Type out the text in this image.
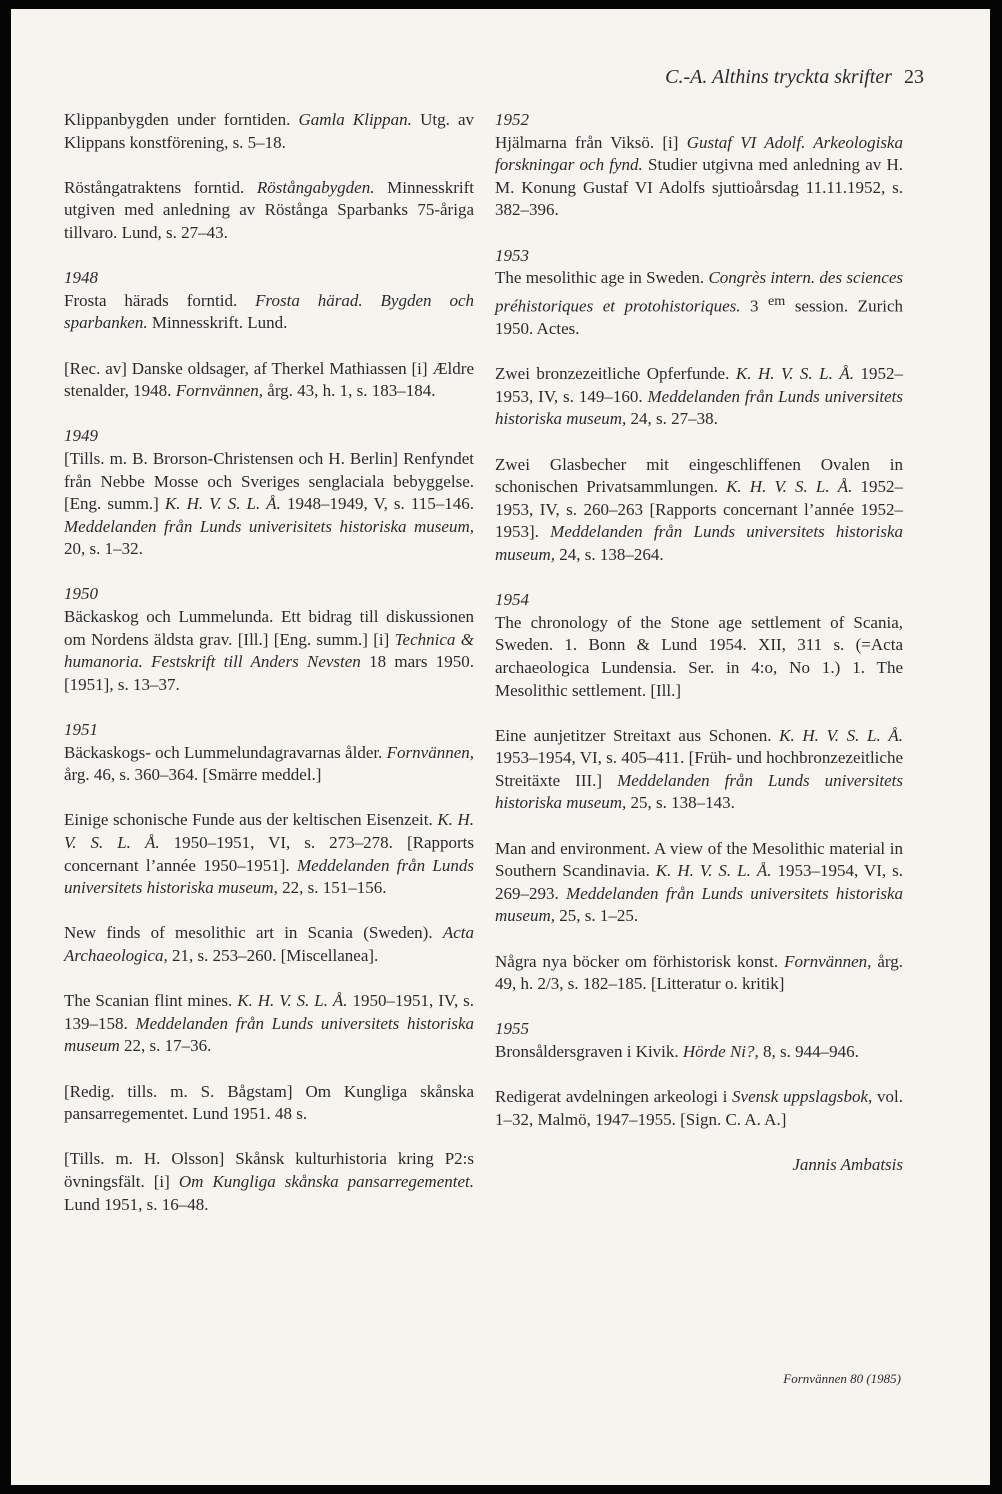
C.-A. Althins tryckta skrifter 23

Klippanbygden under forntiden. Gamla Klippan. Utg. av Klippans konstförening, s. 5–18.

Röstångatraktens forntid. Röstångabygden. Minnesskrift utgiven med anledning av Röstånga Sparbanks 75-åriga tillvaro. Lund, s. 27–43.

1948

Frosta härads forntid. Frosta härad. Bygden och sparbanken. Minnesskrift. Lund.

[Rec. av] Danske oldsager, af Therkel Mathiassen [i] Ældre stenalder, 1948. Fornvännen, årg. 43, h. 1, s. 183–184.

1949

[Tills. m. B. Brorson-Christensen och H. Berlin] Renfyndet från Nebbe Mosse och Sveriges senglaciala bebyggelse. [Eng. summ.] K. H. V. S. L. Å. 1948–1949, V, s. 115–146. Meddelanden från Lunds univerisitets historiska museum, 20, s. 1–32.

1950

Bäckaskog och Lummelunda. Ett bidrag till diskussionen om Nordens äldsta grav. [Ill.] [Eng. summ.] [i] Technica & humanoria. Festskrift till Anders Nevsten 18 mars 1950. [1951], s. 13–37.

1951

Bäckaskogs- och Lummelundagravarnas ålder. Fornvännen, årg. 46, s. 360–364. [Smärre meddel.]

Einige schonische Funde aus der keltischen Eisenzeit. K. H. V. S. L. Å. 1950–1951, VI, s. 273–278. [Rapports concernant l’année 1950–1951]. Meddelanden från Lunds universitets historiska museum, 22, s. 151–156.

New finds of mesolithic art in Scania (Sweden). Acta Archaeologica, 21, s. 253–260. [Miscellanea].

The Scanian flint mines. K. H. V. S. L. Å. 1950–1951, IV, s. 139–158. Meddelanden från Lunds universitets historiska museum 22, s. 17–36.

[Redig. tills. m. S. Bågstam] Om Kungliga skånska pansarregementet. Lund 1951. 48 s.

[Tills. m. H. Olsson] Skånsk kulturhistoria kring P2:s övningsfält. [i] Om Kungliga skånska pansarregementet. Lund 1951, s. 16–48.

1952

Hjälmarna från Viksö. [i] Gustaf VI Adolf. Arkeologiska forskningar och fynd. Studier utgivna med anledning av H. M. Konung Gustaf VI Adolfs sjuttioårsdag 11.11.1952, s. 382–396.

1953

The mesolithic age in Sweden. Congrès intern. des sciences préhistoriques et protohistoriques. 3 $^{em}$ session. Zurich 1950. Actes.

Zwei bronzezeitliche Opferfunde. K. H. V. S. L. Å. 1952–1953, IV, s. 149–160. Meddelanden från Lunds universitets historiska museum, 24, s. 27–38.

Zwei Glasbecher mit eingeschliffenen Ovalen in schonischen Privatsammlungen. K. H. V. S. L. Å. 1952–1953, IV, s. 260–263 [Rapports concernant l’année 1952–1953]. Meddelanden från Lunds universitets historiska museum, 24, s. 138–264.

1954

The chronology of the Stone age settlement of Scania, Sweden. 1. Bonn & Lund 1954. XII, 311 s. (=Acta archaeologica Lundensia. Ser. in 4:o, No 1.) 1. The Mesolithic settlement. [Ill.]

Eine aunjetitzer Streitaxt aus Schonen. K. H. V. S. L. Å. 1953–1954, VI, s. 405–411. [Früh- und hochbronzezeitliche Streitäxte III.] Meddelanden från Lunds universitets historiska museum, 25, s. 138–143.

Man and environment. A view of the Mesolithic material in Southern Scandinavia. K. H. V. S. L. Å. 1953–1954, VI, s. 269–293. Meddelanden från Lunds universitets historiska museum, 25, s. 1–25.

Några nya böcker om förhistorisk konst. Fornvännen, årg. 49, h. 2/3, s. 182–185. [Litteratur o. kritik]

1955

Bronsåldersgraven i Kivik. Hörde Ni?, 8, s. 944–946.

Redigerat avdelningen arkeologi i Svensk uppslagsbok, vol. 1–32, Malmö, 1947–1955. [Sign. C. A. A.]

Jannis Ambatsis

Fornvännen 80 (1985)
